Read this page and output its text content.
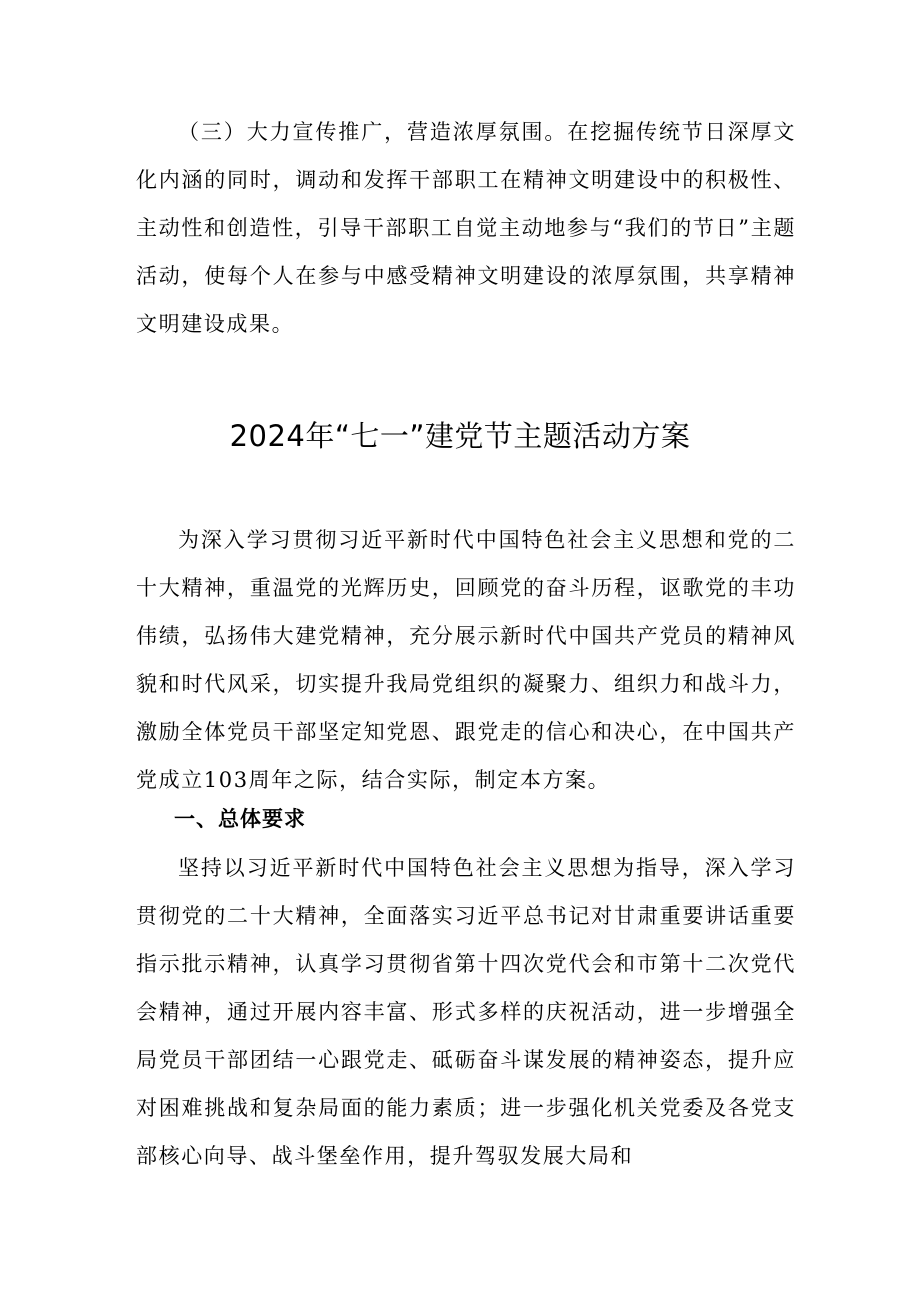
（三）大力宣传推广，营造浓厚氛围。在挖掘传统节日深厚文化内涵的同时，调动和发挥干部职工在精神文明建设中的积极性、主动性和创造性，引导干部职工自觉主动地参与“我们的节日”主题活动，使每个人在参与中感受精神文明建设的浓厚氛围，共享精神文明建设成果。

2024年“七一”建党节主题活动方案

为深入学习贯彻习近平新时代中国特色社会主义思想和党的二十大精神，重温党的光辉历史，回顾党的奋斗历程，讴歌党的丰功伟绩，弘扬伟大建党精神，充分展示新时代中国共产党员的精神风貌和时代风采，切实提升我局党组织的凝聚力、组织力和战斗力，激励全体党员干部坚定知党恩、跟党走的信心和决心，在中国共产党成立103周年之际，结合实际，制定本方案。

一、总体要求

坚持以习近平新时代中国特色社会主义思想为指导，深入学习贯彻党的二十大精神，全面落实习近平总书记对甘肃重要讲话重要指示批示精神，认真学习贯彻省第十四次党代会和市第十二次党代会精神，通过开展内容丰富、形式多样的庆祝活动，进一步增强全局党员干部团结一心跟党走、砥砺奋斗谋发展的精神姿态，提升应对困难挑战和复杂局面的能力素质；进一步强化机关党委及各党支部核心向导、战斗堡垒作用，提升驾驭发展大局和
